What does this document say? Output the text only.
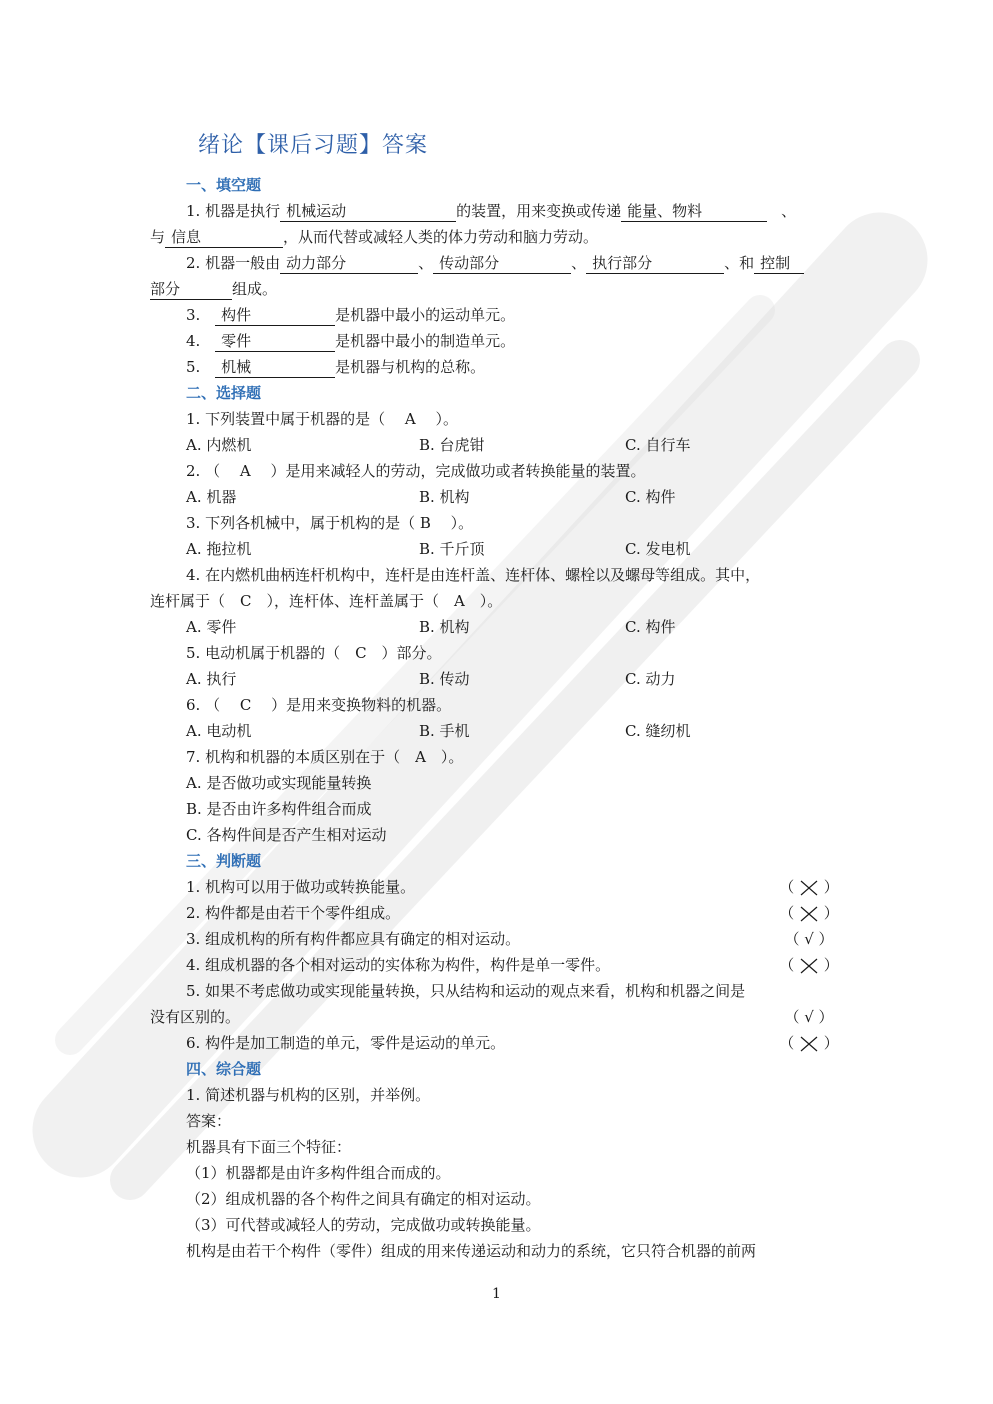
绪论【课后习题】答案
一、填空题
1. 机器是执行 机械运动	的装置，用来变换或传递 能量、物料	、
与 信息	，从而代替或减轻人类的体力劳动和脑力劳动。
2. 机器一般由 动力部分	、 传动部分	、 执行部分	、和 控制
部分	组成。
3. 构件	是机器中最小的运动单元。
4. 零件	是机器中最小的制造单元。
5. 机械	是机器与机构的总称。
二、选择题
1. 下列装置中属于机器的是（　 A　 ）。
A. 内燃机	B. 台虎钳	C. 自行车
2. （　 A　 ）是用来减轻人的劳动，完成做功或者转换能量的装置。
A. 机器	B. 机构	C. 构件
3. 下列各机械中，属于机构的是（ B　 ）。
A. 拖拉机	B. 千斤顶	C. 发电机
4. 在内燃机曲柄连杆机构中，连杆是由连杆盖、连杆体、螺栓以及螺母等组成。其中，
连杆属于（　C　），连杆体、连杆盖属于（　A　）。
A. 零件	B. 机构	C. 构件
5. 电动机属于机器的（　C　）部分。
A. 执行	B. 传动	C. 动力
6. （　 C　 ）是用来变换物料的机器。
A. 电动机	B. 手机	C. 缝纫机
7. 机构和机器的本质区别在于（　A　）。
A. 是否做功或实现能量转换
B. 是否由许多构件组合而成
C. 各构件间是否产生相对运动
三、判断题
1. 机构可以用于做功或转换能量。	（  ）
2. 构件都是由若干个零件组成。	（  ）
3. 组成机构的所有构件都应具有确定的相对运动。	（ √ ）
4. 组成机器的各个相对运动的实体称为构件，构件是单一零件。	（  ）
5. 如果不考虑做功或实现能量转换，只从结构和运动的观点来看，机构和机器之间是
没有区别的。	（ √ ）
6. 构件是加工制造的单元，零件是运动的单元。	（  ）
四、综合题
1. 简述机器与机构的区别，并举例。
答案：
机器具有下面三个特征：
（1）机器都是由许多构件组合而成的。
（2）组成机器的各个构件之间具有确定的相对运动。
（3）可代替或减轻人的劳动，完成做功或转换能量。
机构是由若干个构件（零件）组成的用来传递运动和动力的系统，它只符合机器的前两
1
